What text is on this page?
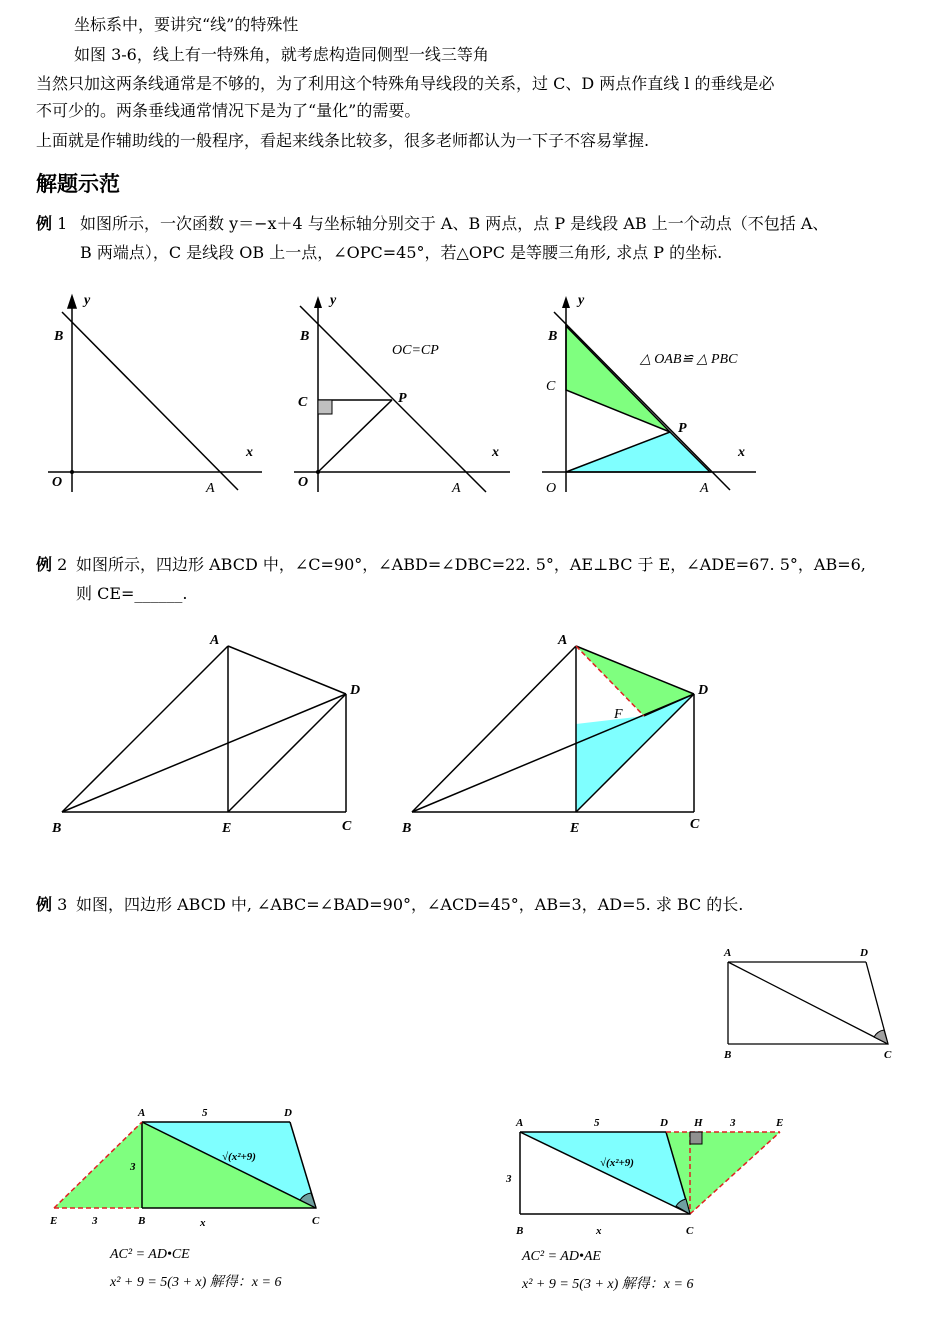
坐标系中，要讲究“线”的特殊性
如图 3-6，线上有一特殊角，就考虑构造同侧型一线三等角
当然只加这两条线通常是不够的，为了利用这个特殊角导线段的关系，过 C、D 两点作直线 l 的垂线是必
不可少的。两条垂线通常情况下是为了“量化”的需要。
上面就是作辅助线的一般程序，看起来线条比较多，很多老师都认为一下子不容易掌握.
解题示范
例 1 如图所示，一次函数 y＝−x＋4 与坐标轴分别交于 A、B 两点，点 P 是线段 AB 上一个动点（不包括 A、
B 两端点），C 是线段 OB 上一点，∠OPC=45°，若△OPC 是等腰三角形, 求点 P 的坐标.
例 2 如图所示，四边形 ABCD 中，∠C=90°，∠ABD=∠DBC=22. 5°，AE⊥BC 于 E，∠ADE=67. 5°，AB=6,
则 CE=______.
例 3 如图，四边形 ABCD 中, ∠ABC=∠BAD=90°，∠ACD=45°，AB=3，AD=5. 求 BC 的长.
y
B
x
O	A
y
B
C	P
x
O	A
OC=CP
y
B
C
P
x
O	A
△ OAB≌ △ PBC
A
D
B	E	C
A
D
F
B	E	C
A	D
B	C
A	5	D
3
E	3	B	x	C
√(x²+9)
AC² = AD•CE
x² + 9 = 5(3 + x) 解得：x = 6
A	5	D H 3	E
3
B	x	C
√(x²+9)
AC² = AD•AE
x² + 9 = 5(3 + x) 解得：x = 6
